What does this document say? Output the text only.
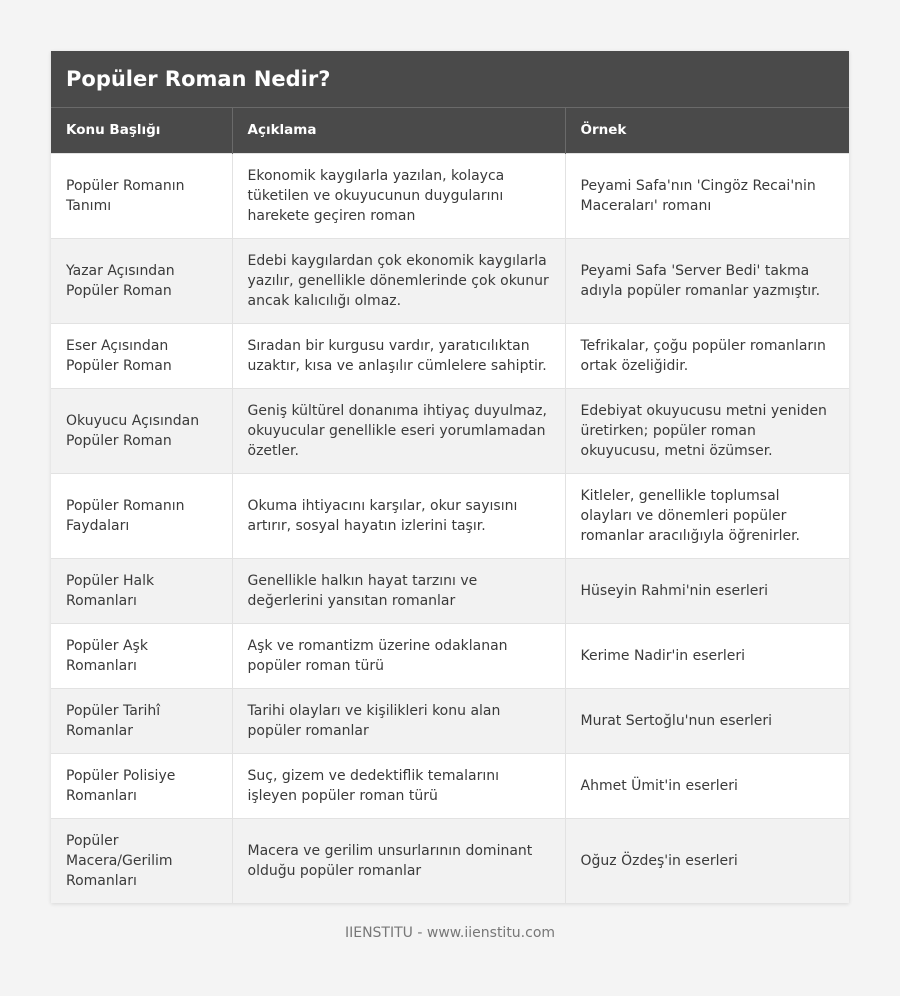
Popüler Roman Nedir?
Konu Başlığı	Açıklama	Örnek
Popüler Romanın Tanımı	Ekonomik kaygılarla yazılan, kolayca tüketilen ve okuyucunun duygularını harekete geçiren roman	Peyami Safa'nın 'Cingöz Recai'nin Maceraları' romanı
Yazar Açısından Popüler Roman	Edebi kaygılardan çok ekonomik kaygılarla yazılır, genellikle dönemlerinde çok okunur ancak kalıcılığı olmaz.	Peyami Safa 'Server Bedi' takma adıyla popüler romanlar yazmıştır.
Eser Açısından Popüler Roman	Sıradan bir kurgusu vardır, yaratıcılıktan uzaktır, kısa ve anlaşılır cümlelere sahiptir.	Tefrikalar, çoğu popüler romanların ortak özeliğidir.
Okuyucu Açısından Popüler Roman	Geniş kültürel donanıma ihtiyaç duyulmaz, okuyucular genellikle eseri yorumlamadan özetler.	Edebiyat okuyucusu metni yeniden üretirken; popüler roman okuyucusu, metni özümser.
Popüler Romanın Faydaları	Okuma ihtiyacını karşılar, okur sayısını artırır, sosyal hayatın izlerini taşır.	Kitleler, genellikle toplumsal olayları ve dönemleri popüler romanlar aracılığıyla öğrenirler.
Popüler Halk Romanları	Genellikle halkın hayat tarzını ve değerlerini yansıtan romanlar	Hüseyin Rahmi'nin eserleri
Popüler Aşk Romanları	Aşk ve romantizm üzerine odaklanan popüler roman türü	Kerime Nadir'in eserleri
Popüler Tarihî Romanlar	Tarihi olayları ve kişilikleri konu alan popüler romanlar	Murat Sertoğlu'nun eserleri
Popüler Polisiye Romanları	Suç, gizem ve dedektiflik temalarını işleyen popüler roman türü	Ahmet Ümit'in eserleri
Popüler Macera/Gerilim Romanları	Macera ve gerilim unsurlarının dominant olduğu popüler romanlar	Oğuz Özdeş'in eserleri
IIENSTITU - www.iienstitu.com
